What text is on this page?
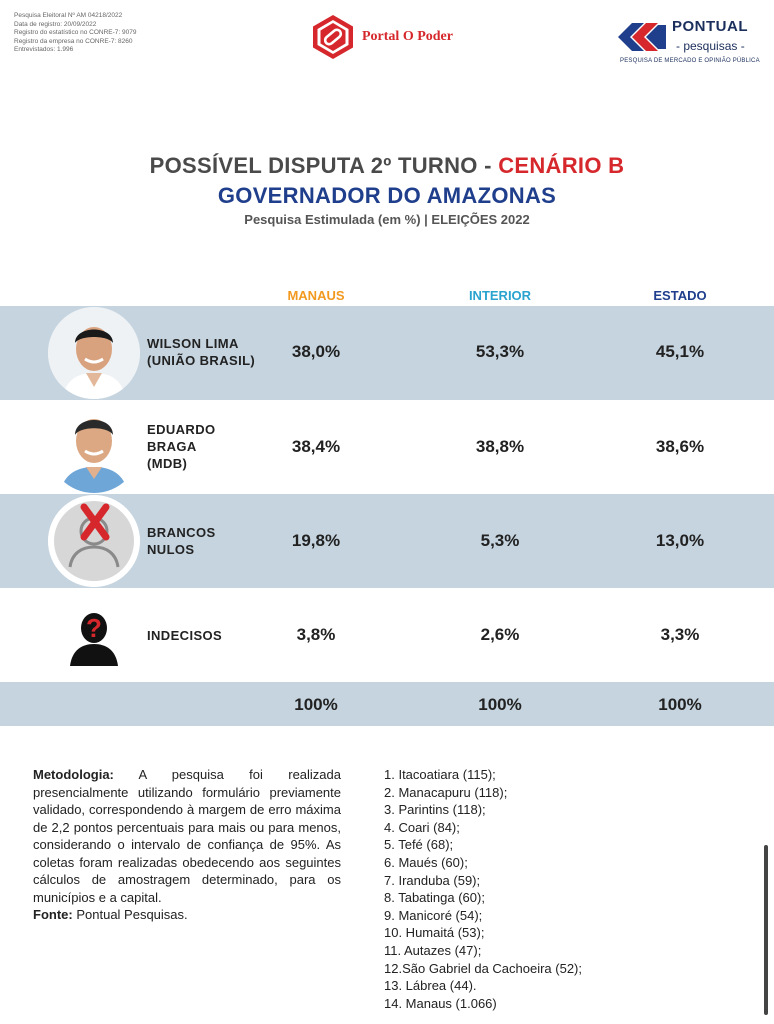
Pesquisa Eleitoral Nº AM 04218/2022
Data de registro: 20/09/2022
Registro do estatístico no CONRE-7: 9079
Registro da empresa no CONRE-7: 8260
Entrevistados: 1.996
Portal O Poder
PONTUAL
- pesquisas -
PESQUISA DE MERCADO E OPINIÃO PÚBLICA
POSSÍVEL DISPUTA 2º TURNO - CENÁRIO B
GOVERNADOR DO AMAZONAS
Pesquisa Estimulada (em %) | ELEIÇÕES 2022
MANAUS	INTERIOR	ESTADO
WILSON LIMA
(UNIÃO BRASIL)	38,0%	53,3%	45,1%
EDUARDO
BRAGA
(MDB)
38,4%	38,8%	38,6%
BRANCOS
NULOS	19,8%	5,3%	13,0%
?	INDECISOS	3,8%	2,6%	3,3%
100%	100%	100%
Metodologia: A pesquisa foi realizada presencialmente utilizando formulário previamente validado, correspondendo à margem de erro máxima de 2,2 pontos percentuais para mais ou para menos, considerando o intervalo de confiança de 95%. As coletas foram realizadas obedecendo aos seguintes cálculos de amostragem determinado, para os municípios e a capital.
Fonte: Pontual Pesquisas.
1. Itacoatiara (115);
2. Manacapuru (118);
3. Parintins (118);
4. Coari (84);
5. Tefé (68);
6. Maués (60);
7. Iranduba (59);
8. Tabatinga (60);
9. Manicoré (54);
10. Humaitá (53);
11. Autazes (47);
12.São Gabriel da Cachoeira (52);
13. Lábrea (44).
14. Manaus (1.066)
